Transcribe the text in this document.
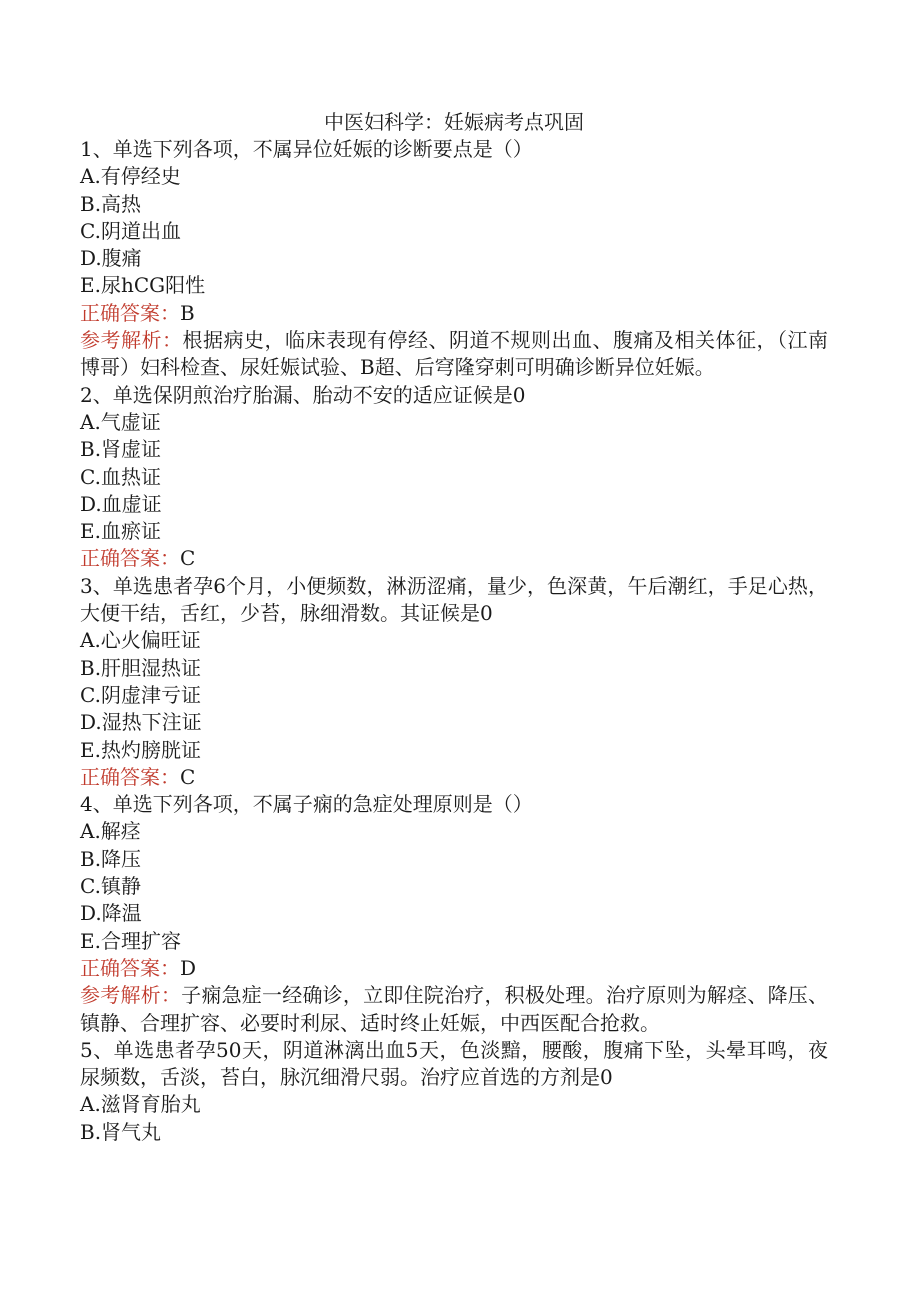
中医妇科学：妊娠病考点巩固

1、单选下列各项，不属异位妊娠的诊断要点是（）

A.有停经史

B.高热

C.阴道出血

D.腹痛

E.尿hCG阳性

正确答案：B

参考解析：根据病史，临床表现有停经、阴道不规则出血、腹痛及相关体征，（江南博哥）妇科检查、尿妊娠试验、B超、后穹隆穿刺可明确诊断异位妊娠。

2、单选保阴煎治疗胎漏、胎动不安的适应证候是0

A.气虚证

B.肾虚证

C.血热证

D.血虚证

E.血瘀证

正确答案：C

3、单选患者孕6个月，小便频数，淋沥涩痛，量少，色深黄，午后潮红，手足心热，大便干结，舌红，少苔，脉细滑数。其证候是0

A.心火偏旺证

B.肝胆湿热证

C.阴虚津亏证

D.湿热下注证

E.热灼膀胱证

正确答案：C

4、单选下列各项，不属子痫的急症处理原则是（）

A.解痉

B.降压

C.镇静

D.降温

E.合理扩容

正确答案：D

参考解析：子痫急症一经确诊，立即住院治疗，积极处理。治疗原则为解痉、降压、镇静、合理扩容、必要时利尿、适时终止妊娠，中西医配合抢救。

5、单选患者孕50天，阴道淋漓出血5天，色淡黯，腰酸，腹痛下坠，头晕耳鸣，夜尿频数，舌淡，苔白，脉沉细滑尺弱。治疗应首选的方剂是0

A.滋肾育胎丸

B.肾气丸
